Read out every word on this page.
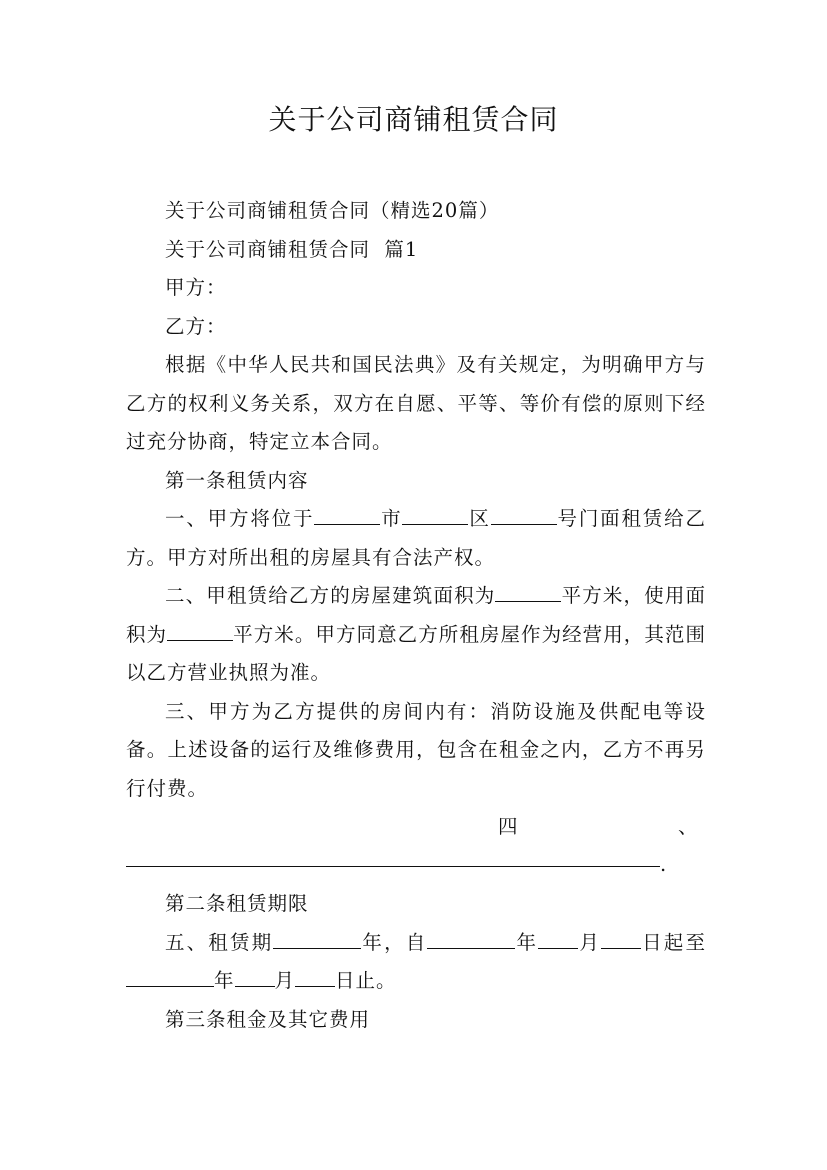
关于公司商铺租赁合同

关于公司商铺租赁合同（精选20篇）

关于公司商铺租赁合同  篇1

甲方：

乙方：

根据《中华人民共和国民法典》及有关规定，为明确甲方与乙方的权利义务关系，双方在自愿、平等、等价有偿的原则下经过充分协商，特定立本合同。

第一条租赁内容

一、甲方将位于	市	区	号门面租赁给乙方。甲方对所出租的房屋具有合法产权。

二、甲租赁给乙方的房屋建筑面积为	平方米，使用面积为	平方米。甲方同意乙方所租房屋作为经营用，其范围以乙方营业执照为准。

三、甲方为乙方提供的房间内有：消防设施及供配电等设备。上述设备的运行及维修费用，包含在租金之内，乙方不再另行付费。

四	、
.

第二条租赁期限

五、租赁期	年，自	年 月 日起至年 月 日止。

第三条租金及其它费用
